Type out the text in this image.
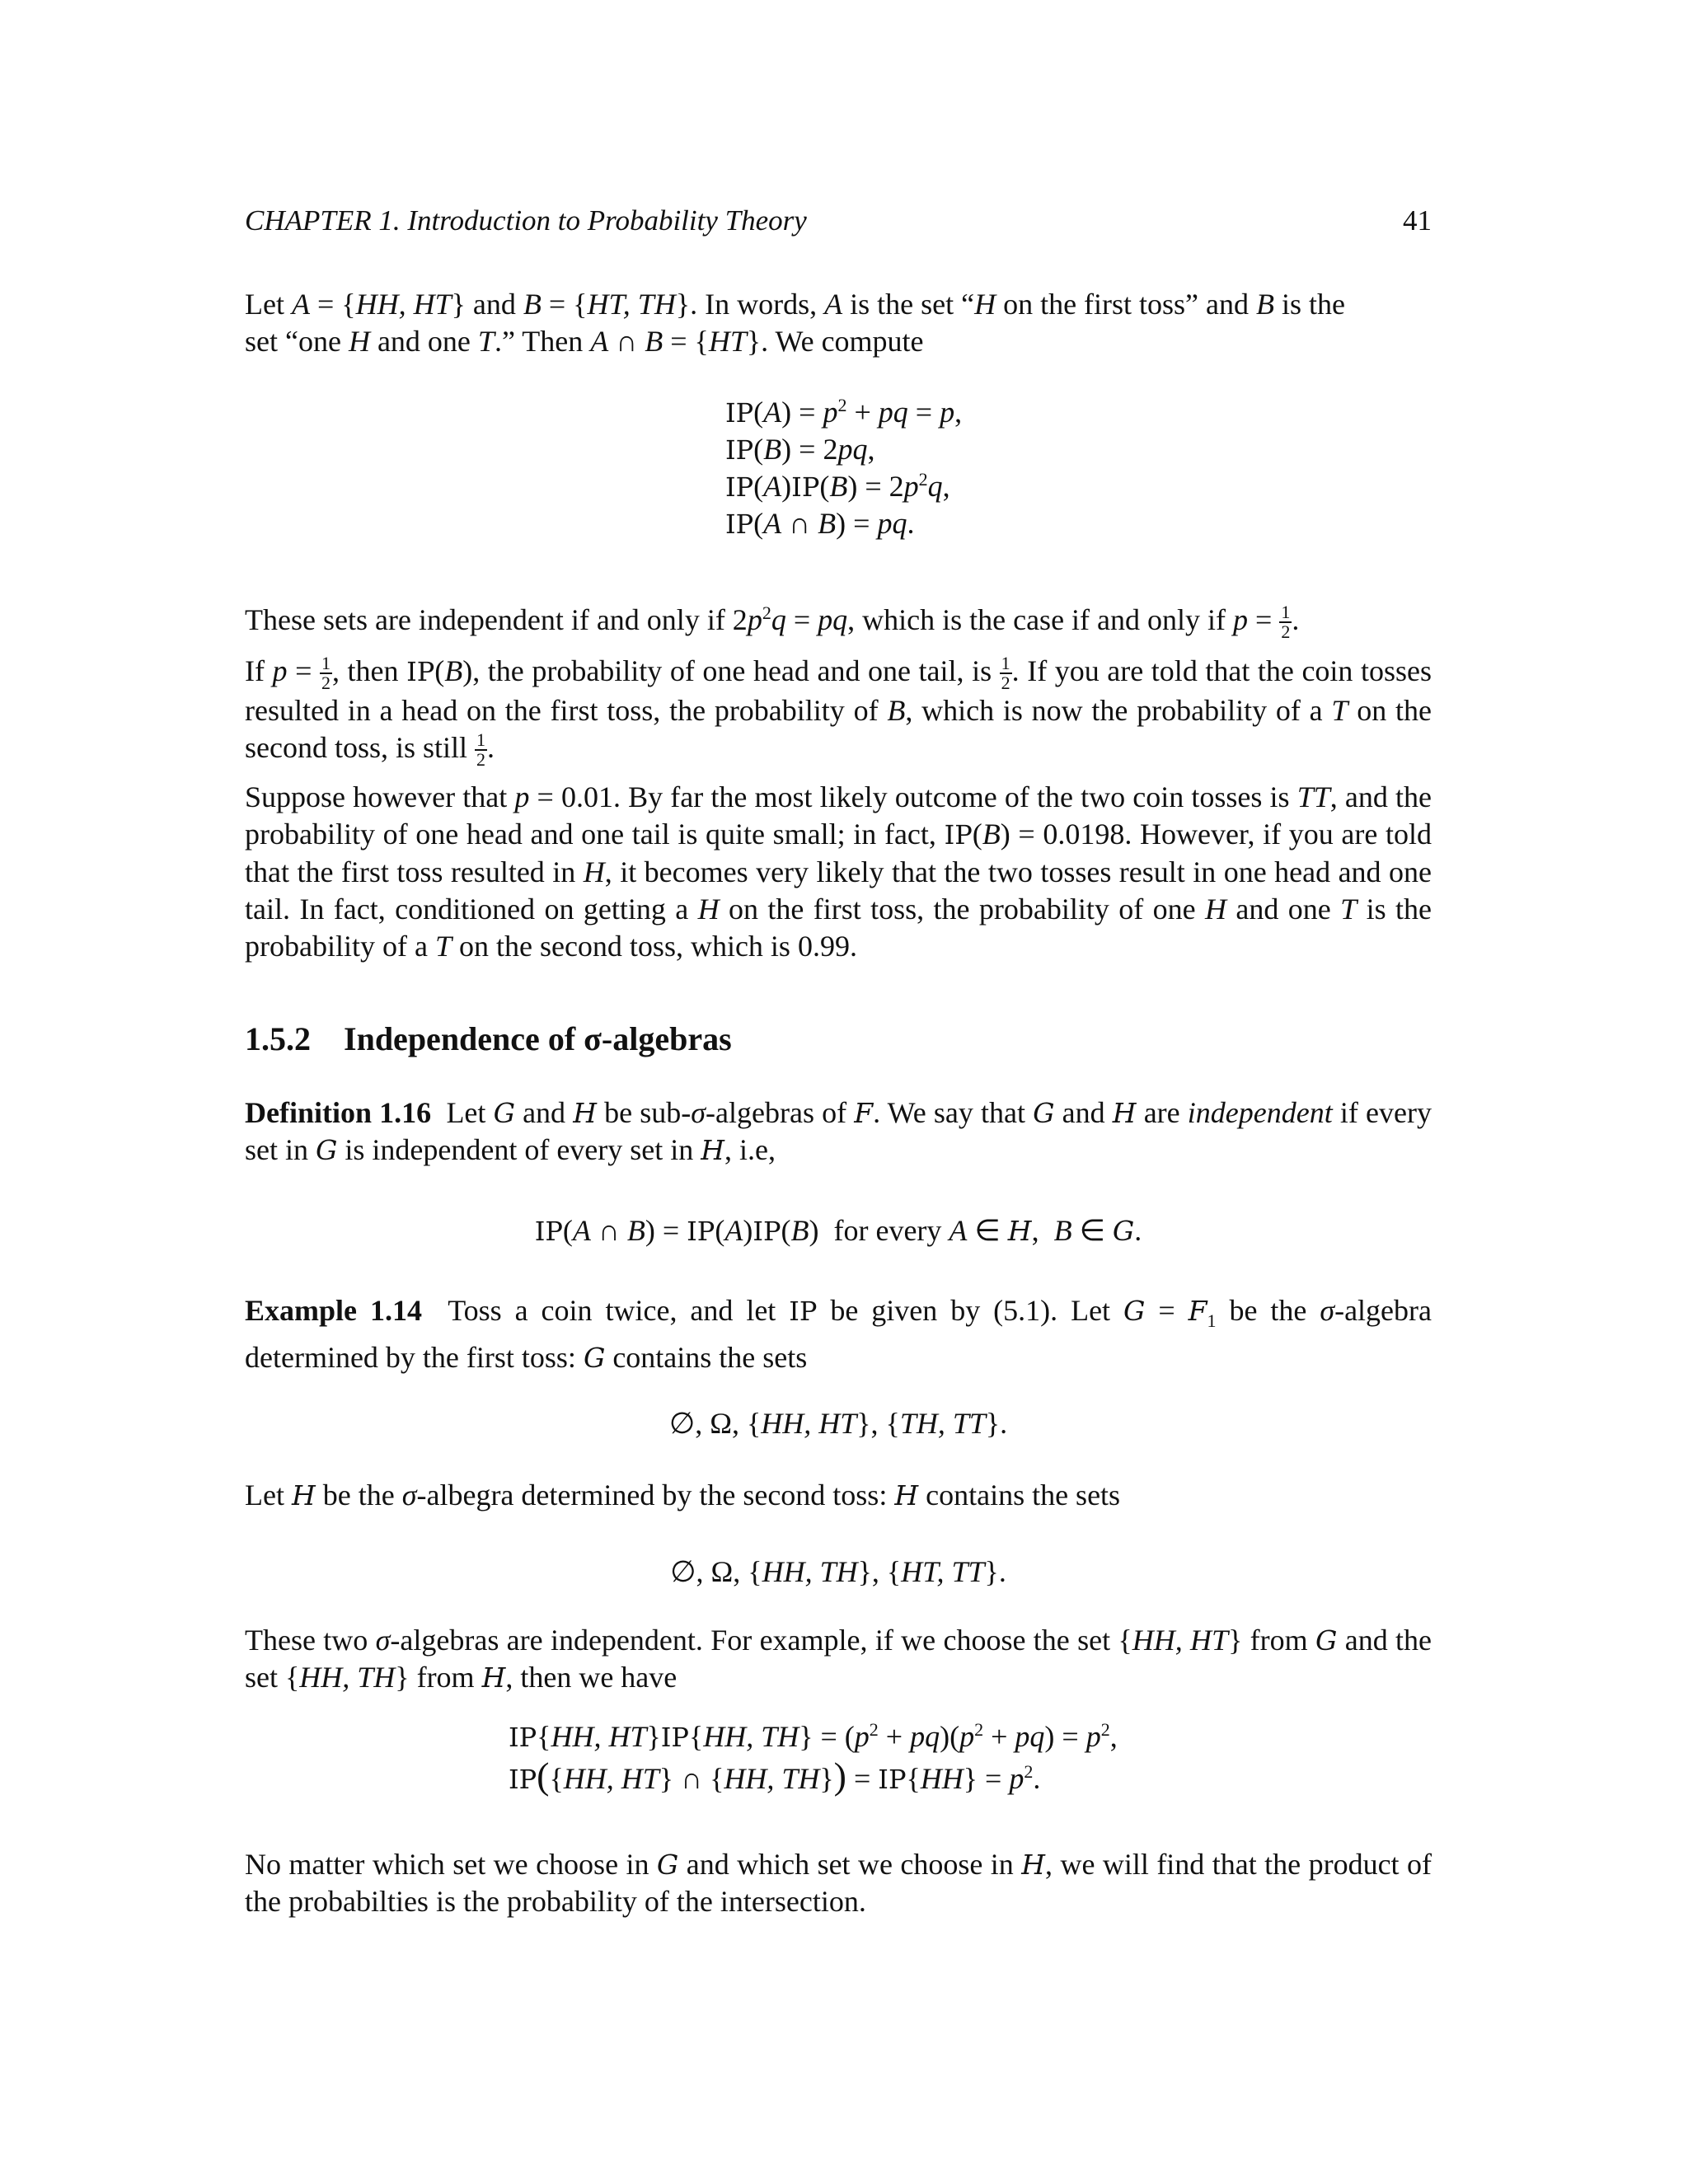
CHAPTER 1. Introduction to Probability Theory	41

Let A = {HH, HT} and B = {HT, TH}. In words, A is the set “H on the first toss” and B is the

set “one H and one T.” Then A ∩ B = {HT}. We compute

$IP(A) = p^2$ + pq = p,
IP(B) = 2pq,
$IP(A)IP(B) = 2p^2q$,
IP(A ∩ B) = pq.

These sets are independent if and only if $2p^2q$ = pq, which is the case if and only if $p = \frac{1}{2}$ .

If $p = \frac{1}{2}$ , then IP(B), the probability of one head and one tail, is $\frac{1}{2}$ . If you are told that the coin tosses resulted in a head on the first toss, the probability of B, which is now the probability of a T on the second toss, is still $\frac{1}{2}$ .

Suppose however that p = 0.01. By far the most likely outcome of the two coin tosses is TT, and the probability of one head and one tail is quite small; in fact, IP(B) = 0.0198. However, if you are told that the first toss resulted in H, it becomes very likely that the two tosses result in one head and one tail. In fact, conditioned on getting a H on the first toss, the probability of one H and one T is the probability of a T on the second toss, which is 0.99.

1.5.2 Independence of σ-algebras

Definition 1.16  Let G and H be sub-σ-algebras of F. We say that G and H are independent if every set in G is independent of every set in H, i.e,

IP(A ∩ B) = IP(A)IP(B)  for every A ∈ H,  B ∈ G.

Example 1.14  Toss a coin twice, and let IP be given by (5.1). Let $G = F_1$ be the σ-algebra determined by the first toss: G contains the sets

∅, Ω, {HH, HT}, {TH, TT}.

Let H be the σ-albegra determined by the second toss: H contains the sets

∅, Ω, {HH, TH}, {HT, TT}.

These two σ-algebras are independent. For example, if we choose the set {HH, HT} from G and the set {HH, TH} from H, then we have

IP{HH, HT}IP{HH, $TH\} = (p^2 + pq)(p^2 + pq) = p^2$,
IP({HH, HT} ∩ {HH, $TH\}) = IP\{HH\} = p^2$.

No matter which set we choose in G and which set we choose in H, we will find that the product of the probabilties is the probability of the intersection.
